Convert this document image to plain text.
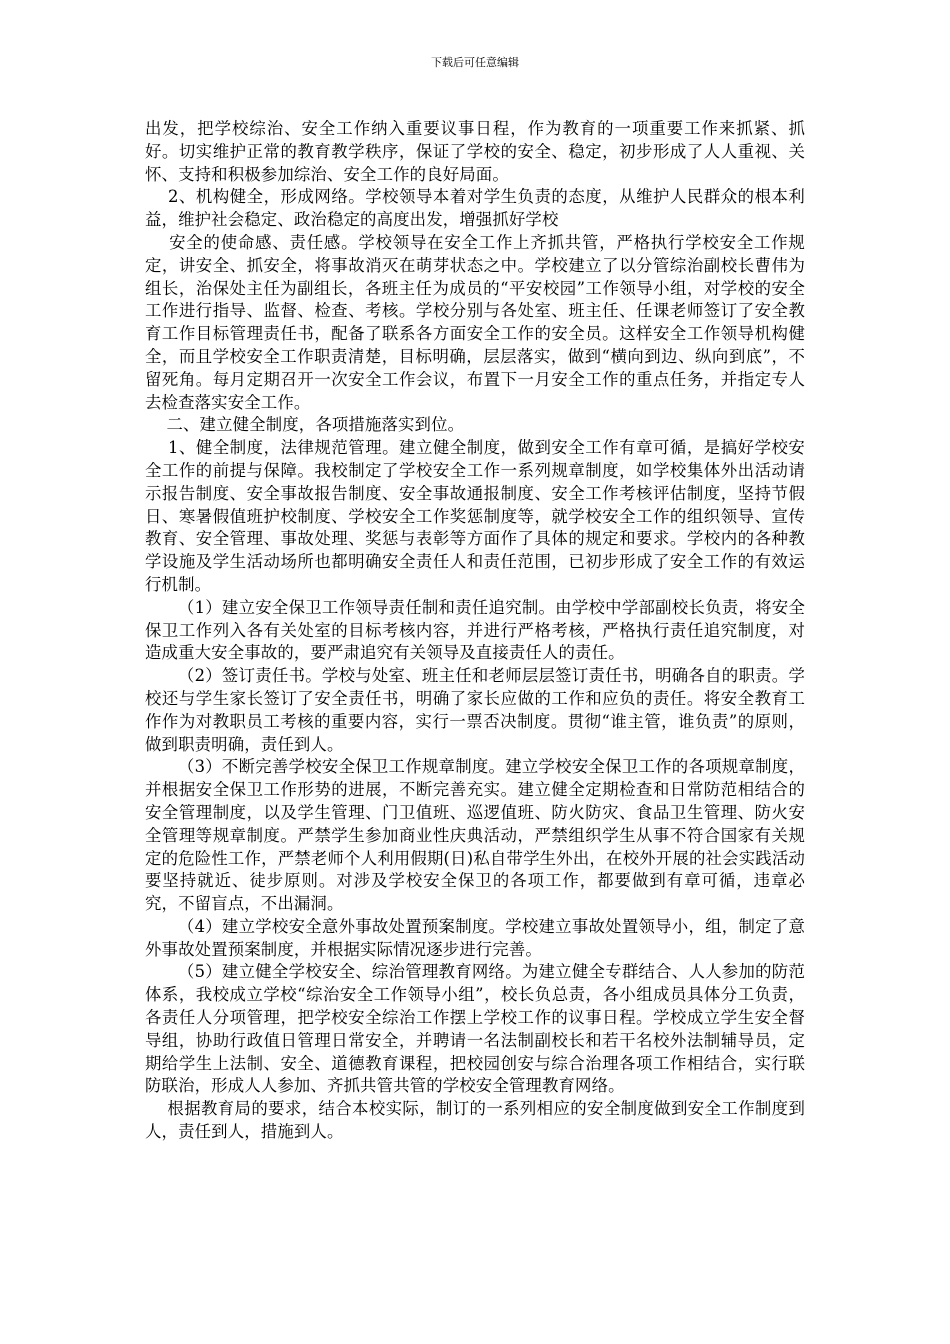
下载后可任意编辑

出发，把学校综治、安全工作纳入重要议事日程，作为教育的一项重要工作来抓紧、抓好。切实维护正常的教育教学秩序，保证了学校的安全、稳定，初步形成了人人重视、关怀、支持和积极参加综治、安全工作的良好局面。

2、机构健全，形成网络。学校领导本着对学生负责的态度，从维护人民群众的根本利益，维护社会稳定、政治稳定的高度出发，增强抓好学校

安全的使命感、责任感。学校领导在安全工作上齐抓共管，严格执行学校安全工作规定，讲安全、抓安全，将事故消灭在萌芽状态之中。学校建立了以分管综治副校长曹伟为组长，治保处主任为副组长，各班主任为成员的“平安校园”工作领导小组，对学校的安全工作进行指导、监督、检查、考核。学校分别与各处室、班主任、任课老师签订了安全教育工作目标管理责任书，配备了联系各方面安全工作的安全员。这样安全工作领导机构健全，而且学校安全工作职责清楚，目标明确，层层落实，做到“横向到边、纵向到底”，不留死角。每月定期召开一次安全工作会议，布置下一月安全工作的重点任务，并指定专人去检查落实安全工作。

二、建立健全制度，各项措施落实到位。

1、健全制度，法律规范管理。建立健全制度，做到安全工作有章可循，是搞好学校安全工作的前提与保障。我校制定了学校安全工作一系列规章制度，如学校集体外出活动请示报告制度、安全事故报告制度、安全事故通报制度、安全工作考核评估制度，坚持节假日、寒暑假值班护校制度、学校安全工作奖惩制度等，就学校安全工作的组织领导、宣传教育、安全管理、事故处理、奖惩与表彰等方面作了具体的规定和要求。学校内的各种教学设施及学生活动场所也都明确安全责任人和责任范围，已初步形成了安全工作的有效运行机制。

（1）建立安全保卫工作领导责任制和责任追究制。由学校中学部副校长负责，将安全保卫工作列入各有关处室的目标考核内容，并进行严格考核，严格执行责任追究制度，对造成重大安全事故的，要严肃追究有关领导及直接责任人的责任。

（2）签订责任书。学校与处室、班主任和老师层层签订责任书，明确各自的职责。学校还与学生家长签订了安全责任书，明确了家长应做的工作和应负的责任。将安全教育工作作为对教职员工考核的重要内容，实行一票否决制度。贯彻“谁主管，谁负责”的原则，做到职责明确，责任到人。

（3）不断完善学校安全保卫工作规章制度。建立学校安全保卫工作的各项规章制度，并根据安全保卫工作形势的进展，不断完善充实。建立健全定期检查和日常防范相结合的安全管理制度，以及学生管理、门卫值班、巡逻值班、防火防灾、食品卫生管理、防火安全管理等规章制度。严禁学生参加商业性庆典活动，严禁组织学生从事不符合国家有关规定的危险性工作，严禁老师个人利用假期(日)私自带学生外出，在校外开展的社会实践活动要坚持就近、徒步原则。对涉及学校安全保卫的各项工作，都要做到有章可循，违章必究，不留盲点，不出漏洞。

（4）建立学校安全意外事故处置预案制度。学校建立事故处置领导小，组，制定了意外事故处置预案制度，并根据实际情况逐步进行完善。

（5）建立健全学校安全、综治管理教育网络。为建立健全专群结合、人人参加的防范体系，我校成立学校“综治安全工作领导小组”，校长负总责，各小组成员具体分工负责，各责任人分项管理，把学校安全综治工作摆上学校工作的议事日程。学校成立学生安全督导组，协助行政值日管理日常安全，并聘请一名法制副校长和若干名校外法制辅导员，定期给学生上法制、安全、道德教育课程，把校园创安与综合治理各项工作相结合，实行联防联治，形成人人参加、齐抓共管共管的学校安全管理教育网络。

根据教育局的要求，结合本校实际，制订的一系列相应的安全制度做到安全工作制度到人，责任到人，措施到人。
